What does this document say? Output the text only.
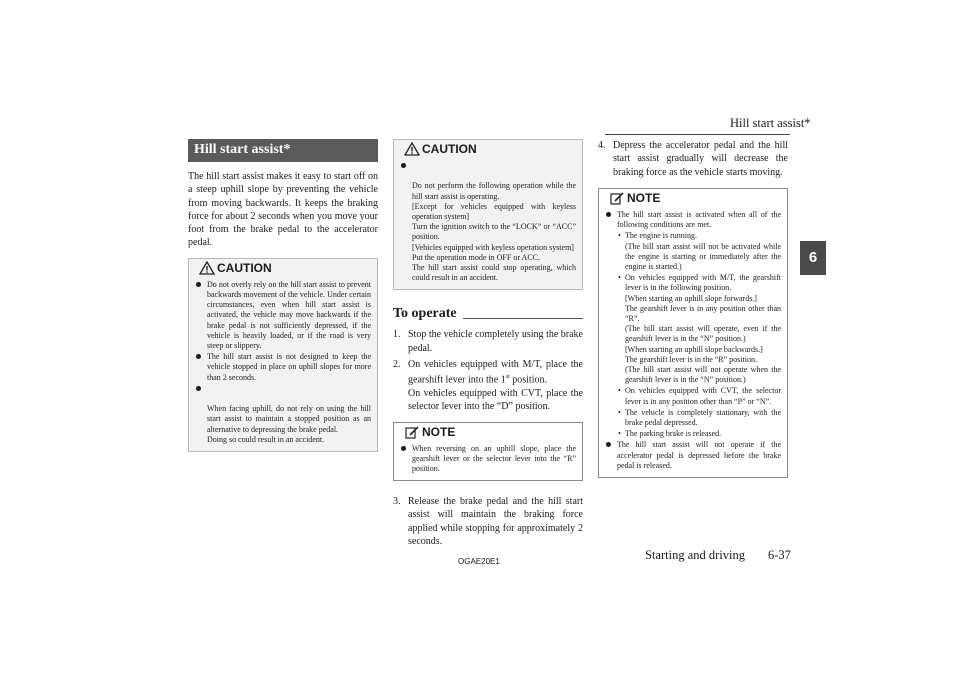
Hill start assist*
6
Hill start assist*

The hill start assist makes it easy to start off on a steep uphill slope by preventing the vehicle from moving backwards. It keeps the braking force for about 2 seconds when you move your foot from the brake pedal to the accelerator pedal.

CAUTION
Do not overly rely on the hill start assist to prevent backwards movement of the vehicle. Under certain circumstances, even when hill start assist is activated, the vehicle may move backwards if the brake pedal is not sufficiently depressed, if the vehicle is heavily loaded, or if the road is very steep or slippery.
The hill start assist is not designed to keep the vehicle stopped in place on uphill slopes for more than 2 seconds.

When facing uphill, do not rely on using the hill start assist to maintain a stopped position as an alternative to depressing the brake pedal.
Doing so could result in an accident.

CAUTION

Do not perform the following operation while the hill start assist is operating.
[Except for vehicles equipped with keyless operation system]
Turn the ignition switch to the “LOCK” or “ACC” position.
[Vehicles equipped with keyless operation system]
Put the operation mode in OFF or ACC.
The hill start assist could stop operating, which could result in an accident.

To operate
1. Stop the vehicle completely using the brake pedal.
2. On vehicles equipped with M/T, place the gearshift lever into the 1st position.
On vehicles equipped with CVT, place the selector lever into the “D” position.
NOTE
When reversing on an uphill slope, place the gearshift lever or the selector lever into the “R” position.
3. Release the brake pedal and the hill start assist will maintain the braking force applied while stopping for approximately 2 seconds.
4. Depress the accelerator pedal and the hill start assist gradually will decrease the braking force as the vehicle starts moving.
NOTE
The hill start assist is activated when all of the following conditions are met.
• The engine is running.
(The hill start assist will not be activated while the engine is starting or immediately after the engine is started.)
• On vehicles equipped with M/T, the gearshift lever is in the following position.
[When starting an uphill slope forwards.]
The gearshift lever is in any position other than “R”.
(The hill start assist will operate, even if the gearshift lever is in the “N” position.)
[When starting an uphill slope backwards.]
The gearshift lever is in the “R” position.
(The hill start assist will not operate when the gearshift lever is in the “N” position.)
• On vehicles equipped with CVT, the selector lever is in any position other than “P” or “N”.
• The vehicle is completely stationary, with the brake pedal depressed.
• The parking brake is released.
The hill start assist will not operate if the accelerator pedal is depressed before the brake pedal is released.
OGAE20E1	Starting and driving 6-37
